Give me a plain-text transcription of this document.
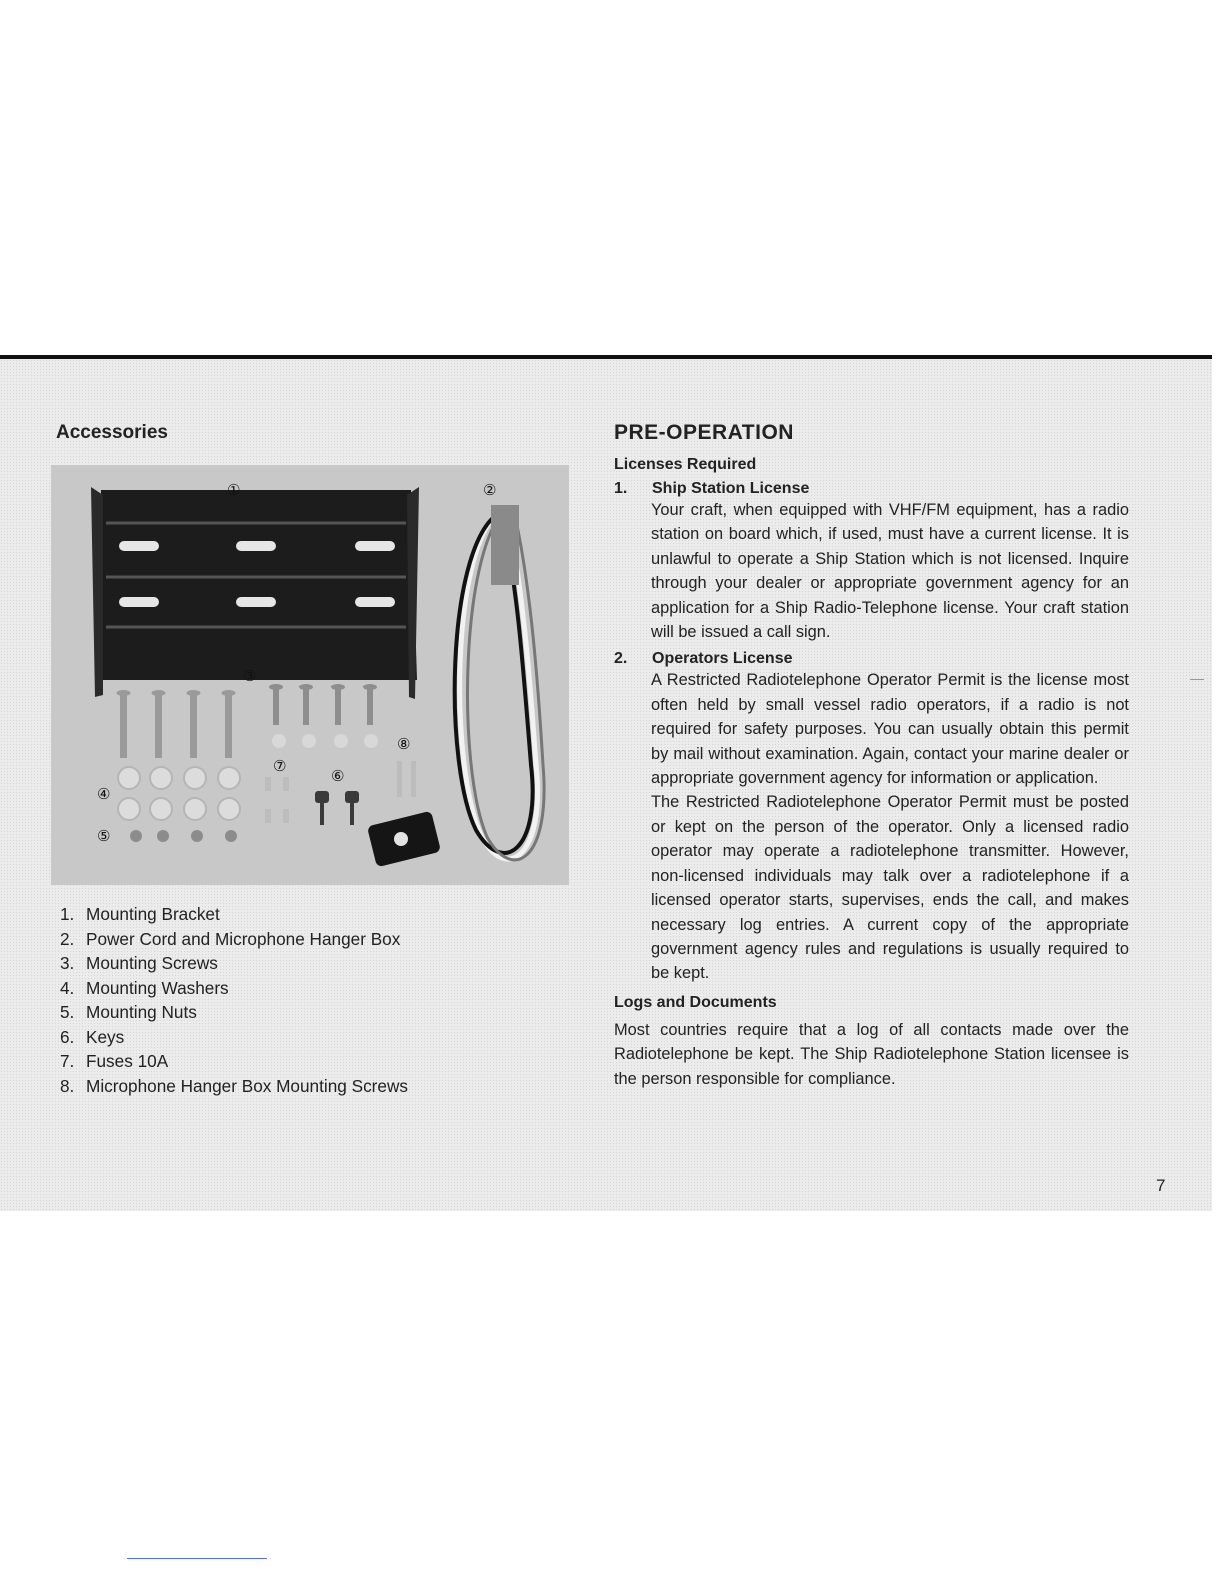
Accessories
①	②
③
④
⑤
⑥
⑦
⑧
1. Mounting Bracket
2. Power Cord and Microphone Hanger Box
3. Mounting Screws
4. Mounting Washers
5. Mounting Nuts
6. Keys
7. Fuses 10A
8. Microphone Hanger Box Mounting Screws
PRE-OPERATION
Licenses Required
1. Ship Station License

Your craft, when equipped with VHF/FM equipment, has a radio station on board which, if used, must have a current license. It is unlawful to operate a Ship Station which is not licensed. Inquire through your dealer or appropriate government agency for an application for a Ship Radio-Telephone license. Your craft station will be issued a call sign.

2. Operators License

A Restricted Radiotelephone Operator Permit is the license most often held by small vessel radio operators, if a radio is not required for safety purposes. You can usually obtain this permit by mail without examination. Again, contact your marine dealer or appropriate government agency for information or application.

The Restricted Radiotelephone Operator Permit must be posted or kept on the person of the operator. Only a licensed radio operator may operate a radiotelephone transmitter. However, non-licensed individuals may talk over a radiotelephone if a licensed operator starts, supervises, ends the call, and makes necessary log entries. A current copy of the appropriate government agency rules and regulations is usually required to be kept.

Logs and Documents

Most countries require that a log of all contacts made over the Radiotelephone be kept. The Ship Radiotelephone Station licensee is the person responsible for compliance.

7
